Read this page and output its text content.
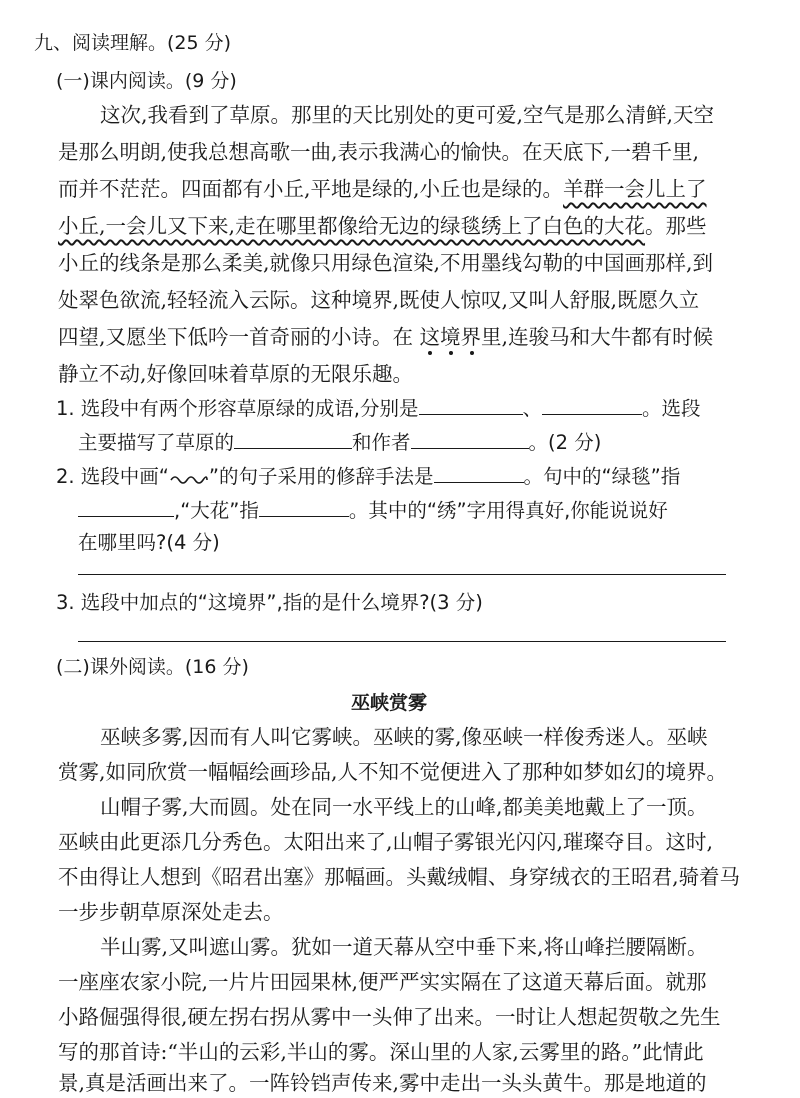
九、阅读理解。(25 分)
(一)课内阅读。(9 分)
这次,我看到了草原。那里的天比别处的更可爱,空气是那么清鲜,天空
是那么明朗,使我总想高歌一曲,表示我满心的愉快。在天底下,一碧千里,
而并不茫茫。四面都有小丘,平地是绿的,小丘也是绿的。羊群一会儿上了
小丘,一会儿又下来,走在哪里都像给无边的绿毯绣上了白色的大花。那些
小丘的线条是那么柔美,就像只用绿色渲染,不用墨线勾勒的中国画那样,到
处翠色欲流,轻轻流入云际。这种境界,既使人惊叹,又叫人舒服,既愿久立
四望,又愿坐下低吟一首奇丽的小诗。在 这境界
里,连骏马和大牛都有时候
静立不动,好像回味着草原的无限乐趣。
1. 选段中有两个形容草原绿的成语,分别是	、	。选段
主要描写了草原的	和作者	。(2 分)
2. 选段中画“ ”的句子采用的修辞手法是	。句中的“绿毯”指
,“大花”指	。其中的“绣”字用得真好,你能说说好
在哪里吗?(4 分)
3. 选段中加点的“这境界”,指的是什么境界?(3 分)
(二)课外阅读。(16 分)
巫峡赏雾
巫峡多雾,因而有人叫它雾峡。巫峡的雾,像巫峡一样俊秀迷人。巫峡
赏雾,如同欣赏一幅幅绘画珍品,人不知不觉便进入了那种如梦如幻的境界。
山帽子雾,大而圆。处在同一水平线上的山峰,都美美地戴上了一顶。
巫峡由此更添几分秀色。太阳出来了,山帽子雾银光闪闪,璀璨夺目。这时,
不由得让人想到《昭君出塞》那幅画。头戴绒帽、身穿绒衣的王昭君,骑着马
一步步朝草原深处走去。
半山雾,又叫遮山雾。犹如一道天幕从空中垂下来,将山峰拦腰隔断。
一座座农家小院,一片片田园果林,便严严实实隔在了这道天幕后面。就那
小路倔强得很,硬左拐右拐从雾中一头伸了出来。一时让人想起贺敬之先生
写的那首诗:“半山的云彩,半山的雾。深山里的人家,云雾里的路。”此情此
景,真是活画出来了。一阵铃铛声传来,雾中走出一头头黄牛。那是地道的
